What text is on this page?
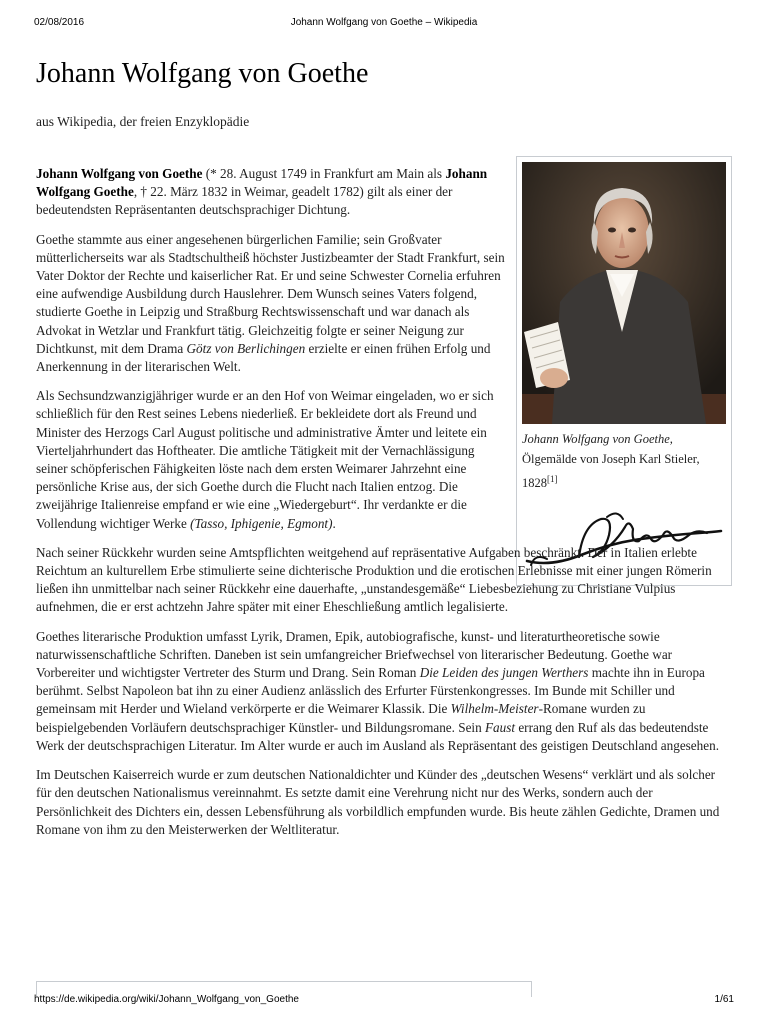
02/08/2016	Johann Wolfgang von Goethe – Wikipedia
Johann Wolfgang von Goethe

aus Wikipedia, der freien Enzyklopädie

Johann Wolfgang von Goethe,
Ölgemälde von Joseph Karl Stieler, 1828[1]

Johann Wolfgang von Goethe (* 28. August 1749 in Frankfurt am Main als Johann Wolfgang Goethe, † 22. März 1832 in Weimar, geadelt 1782) gilt als einer der bedeutendsten Repräsentanten deutschsprachiger Dichtung.

Goethe stammte aus einer angesehenen bürgerlichen Familie; sein Großvater mütterlicherseits war als Stadtschultheiß höchster Justizbeamter der Stadt Frankfurt, sein Vater Doktor der Rechte und kaiserlicher Rat. Er und seine Schwester Cornelia erfuhren eine aufwendige Ausbildung durch Hauslehrer. Dem Wunsch seines Vaters folgend, studierte Goethe in Leipzig und Straßburg Rechtswissenschaft und war danach als Advokat in Wetzlar und Frankfurt tätig. Gleichzeitig folgte er seiner Neigung zur Dichtkunst, mit dem Drama Götz von Berlichingen erzielte er einen frühen Erfolg und Anerkennung in der literarischen Welt.

Als Sechsundzwanzigjähriger wurde er an den Hof von Weimar eingeladen, wo er sich schließlich für den Rest seines Lebens niederließ. Er bekleidete dort als Freund und Minister des Herzogs Carl August politische und administrative Ämter und leitete ein Vierteljahrhundert das Hoftheater. Die amtliche Tätigkeit mit der Vernachlässigung seiner schöpferischen Fähigkeiten löste nach dem ersten Weimarer Jahrzehnt eine persönliche Krise aus, der sich Goethe durch die Flucht nach Italien entzog. Die zweijährige Italienreise empfand er wie eine „Wiedergeburt“. Ihr verdankte er die Vollendung wichtiger Werke (Tasso, Iphigenie, Egmont).

Nach seiner Rückkehr wurden seine Amtspflichten weitgehend auf repräsentative Aufgaben beschränkt. Der in Italien erlebte Reichtum an kulturellem Erbe stimulierte seine dichterische Produktion und die erotischen Erlebnisse mit einer jungen Römerin ließen ihn unmittelbar nach seiner Rückkehr eine dauerhafte, „unstandesgemäße“ Liebesbeziehung zu Christiane Vulpius aufnehmen, die er erst achtzehn Jahre später mit einer Eheschließung amtlich legalisierte.

Goethes literarische Produktion umfasst Lyrik, Dramen, Epik, autobiografische, kunst- und literaturtheoretische sowie naturwissenschaftliche Schriften. Daneben ist sein umfangreicher Briefwechsel von literarischer Bedeutung. Goethe war Vorbereiter und wichtigster Vertreter des Sturm und Drang. Sein Roman Die Leiden des jungen Werthers machte ihn in Europa berühmt. Selbst Napoleon bat ihn zu einer Audienz anlässlich des Erfurter Fürstenkongresses. Im Bunde mit Schiller und gemeinsam mit Herder und Wieland verkörperte er die Weimarer Klassik. Die Wilhelm-Meister-Romane wurden zu beispielgebenden Vorläufern deutschsprachiger Künstler- und Bildungsromane. Sein Faust errang den Ruf als das bedeutendste Werk der deutschsprachigen Literatur. Im Alter wurde er auch im Ausland als Repräsentant des geistigen Deutschland angesehen.

Im Deutschen Kaiserreich wurde er zum deutschen Nationaldichter und Künder des „deutschen Wesens“ verklärt und als solcher für den deutschen Nationalismus vereinnahmt. Es setzte damit eine Verehrung nicht nur des Werks, sondern auch der Persönlichkeit des Dichters ein, dessen Lebensführung als vorbildlich empfunden wurde. Bis heute zählen Gedichte, Dramen und Romane von ihm zu den Meisterwerken der Weltliteratur.

https://de.wikipedia.org/wiki/Johann_Wolfgang_von_Goethe	1/61
